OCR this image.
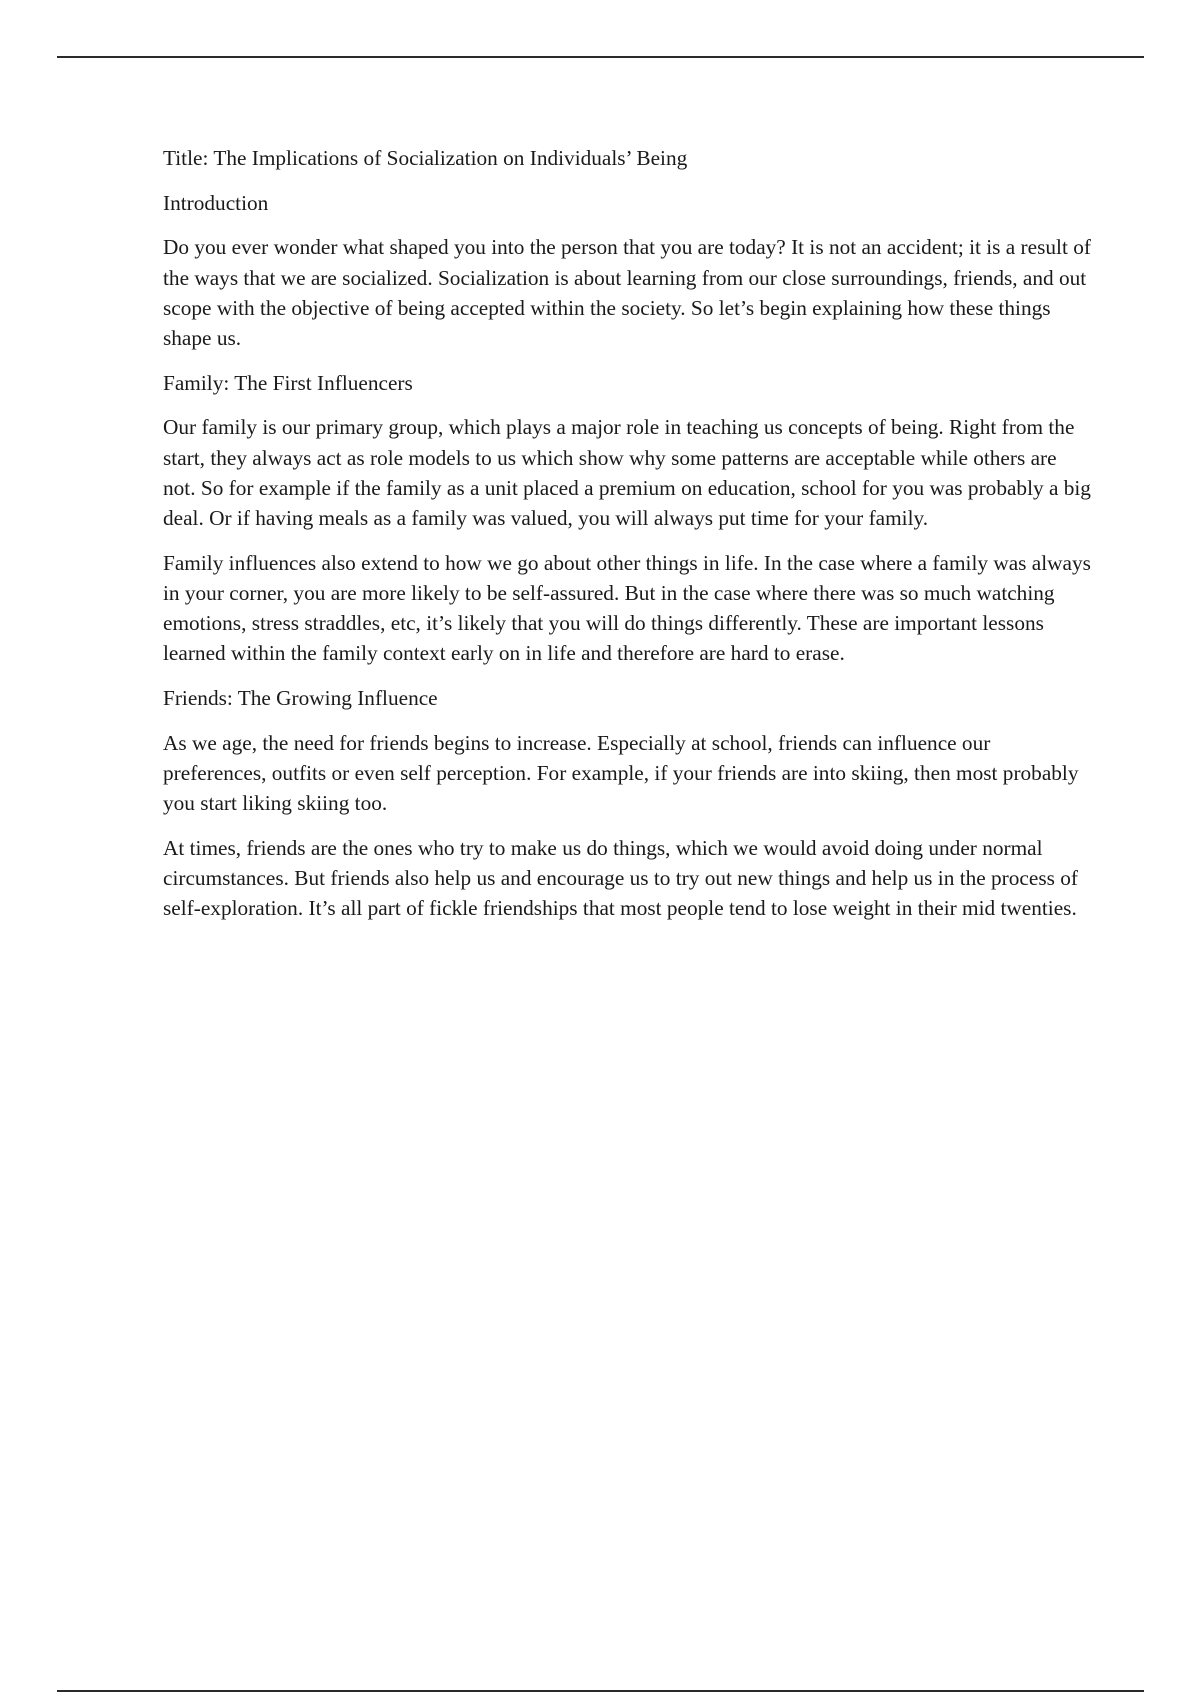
Title: The Implications of Socialization on Individuals’ Being

Introduction

Do you ever wonder what shaped you into the person that you are today? It is not an accident; it is a result of the ways that we are socialized. Socialization is about learning from our close surroundings, friends, and out scope with the objective of being accepted within the society. So let’s begin explaining how these things shape us.

Family: The First Influencers

Our family is our primary group, which plays a major role in teaching us concepts of being. Right from the start, they always act as role models to us which show why some patterns are acceptable while others are not. So for example if the family as a unit placed a premium on education, school for you was probably a big deal. Or if having meals as a family was valued, you will always put time for your family.

Family influences also extend to how we go about other things in life. In the case where a family was always in your corner, you are more likely to be self-assured. But in the case where there was so much watching emotions, stress straddles, etc, it’s likely that you will do things differently. These are important lessons learned within the family context early on in life and therefore are hard to erase.

Friends: The Growing Influence

As we age, the need for friends begins to increase. Especially at school, friends can influence our preferences, outfits or even self perception. For example, if your friends are into skiing, then most probably you start liking skiing too.

At times, friends are the ones who try to make us do things, which we would avoid doing under normal circumstances. But friends also help us and encourage us to try out new things and help us in the process of self-exploration. It’s all part of fickle friendships that most people tend to lose weight in their mid twenties.
